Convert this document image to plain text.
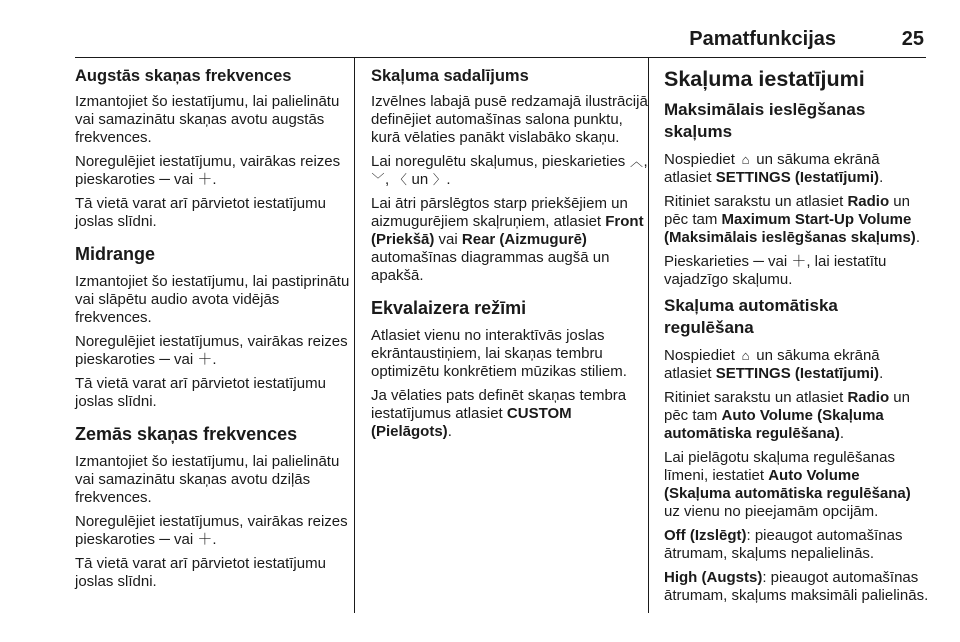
Pamatfunkcijas	25
Augstās skaņas frekvences

Izmantojiet šo iestatījumu, lai palielinātu vai samazinātu skaņas avotu augstās frekvences.

Noregulējiet iestatījumu, vairākas reizes pieskaroties ─ vai ＋.

Tā vietā varat arī pārvietot iestatījumu joslas slīdni.

Midrange

Izmantojiet šo iestatījumu, lai pastiprinātu vai slāpētu audio avota vidējās frekvences.

Noregulējiet iestatījumus, vairākas reizes pieskaroties ─ vai ＋.

Tā vietā varat arī pārvietot iestatījumu joslas slīdni.

Zemās skaņas frekvences

Izmantojiet šo iestatījumu, lai palielinātu vai samazinātu skaņas avotu dziļās frekvences.

Noregulējiet iestatījumus, vairākas reizes pieskaroties ─ vai ＋.

Tā vietā varat arī pārvietot iestatījumu joslas slīdni.

Skaļuma sadalījums

Izvēlnes labajā pusē redzamajā ilustrācijā definējiet automašīnas salona punktu, kurā vēlaties panākt vislabāko skaņu.

Lai noregulētu skaļumus, pieskarieties ︿, ﹀, 〈 un 〉.

Lai ātri pārslēgtos starp priekšējiem un aizmugurējiem skaļruņiem, atlasiet Front (Priekšā) vai Rear (Aizmugurē) automašīnas diagrammas augšā un apakšā.

Ekvalaizera režīmi

Atlasiet vienu no interaktīvās joslas ekrāntaustiņiem, lai skaņas tembru optimizētu konkrētiem mūzikas stiliem.

Ja vēlaties pats definēt skaņas tembra iestatījumus atlasiet CUSTOM (Pielāgots).

Skaļuma iestatījumi
Maksimālais ieslēgšanas skaļums

Nospiediet ⌂ un sākuma ekrānā atlasiet SETTINGS (Iestatījumi).

Ritiniet sarakstu un atlasiet Radio un pēc tam Maximum Start-Up Volume (Maksimālais ieslēgšanas skaļums).

Pieskarieties ─ vai ＋, lai iestatītu vajadzīgo skaļumu.

Skaļuma automātiska regulēšana

Nospiediet ⌂ un sākuma ekrānā atlasiet SETTINGS (Iestatījumi).

Ritiniet sarakstu un atlasiet Radio un pēc tam Auto Volume (Skaļuma automātiska regulēšana).

Lai pielāgotu skaļuma regulēšanas līmeni, iestatiet Auto Volume (Skaļuma automātiska regulēšana) uz vienu no pieejamām opcijām.

Off (Izslēgt): pieaugot automašīnas ātrumam, skaļums nepalielinās.

High (Augsts): pieaugot automašīnas ātrumam, skaļums maksimāli palielinās.
